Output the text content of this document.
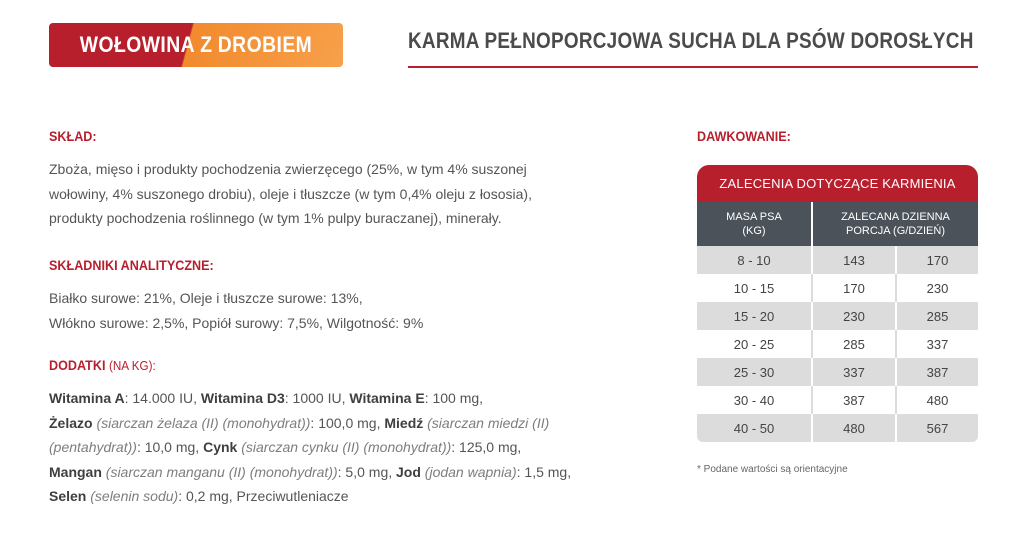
WOŁOWINA Z DROBIEM	KARMA PEŁNOPORCJOWA SUCHA DLA PSÓW DOROSŁYCH
SKŁAD:
Zboża, mięso i produkty pochodzenia zwierzęcego (25%, w tym 4% suszonej
wołowiny, 4% suszonego drobiu), oleje i tłuszcze (w tym 0,4% oleju z łososia),
produkty pochodzenia roślinnego (w tym 1% pulpy buraczanej), minerały.
SKŁADNIKI ANALITYCZNE:
Białko surowe: 21%, Oleje i tłuszcze surowe: 13%,
Włókno surowe: 2,5%, Popiół surowy: 7,5%, Wilgotność: 9%
DODATKI (NA KG):
Witamina A: 14.000 IU, Witamina D3: 1000 IU, Witamina E: 100 mg,
Żelazo (siarczan żelaza (II) (monohydrat)): 100,0 mg, Miedź (siarczan miedzi (II)
(pentahydrat)): 10,0 mg, Cynk (siarczan cynku (II) (monohydrat)): 125,0 mg,
Mangan (siarczan manganu (II) (monohydrat)): 5,0 mg, Jod (jodan wapnia): 1,5 mg,
Selen (selenin sodu): 0,2 mg, Przeciwutleniacze
DAWKOWANIE:
ZALECENIA DOTYCZĄCE KARMIENIA
MASA PSA
(KG)
ZALECANA DZIENNA
PORCJA (G/DZIEŃ)
8 - 10	143	170
10 - 15	170	230
15 - 20	230	285
20 - 25	285	337
25 - 30	337	387
30 - 40	387	480
40 - 50	480	567
* Podane wartości są orientacyjne
